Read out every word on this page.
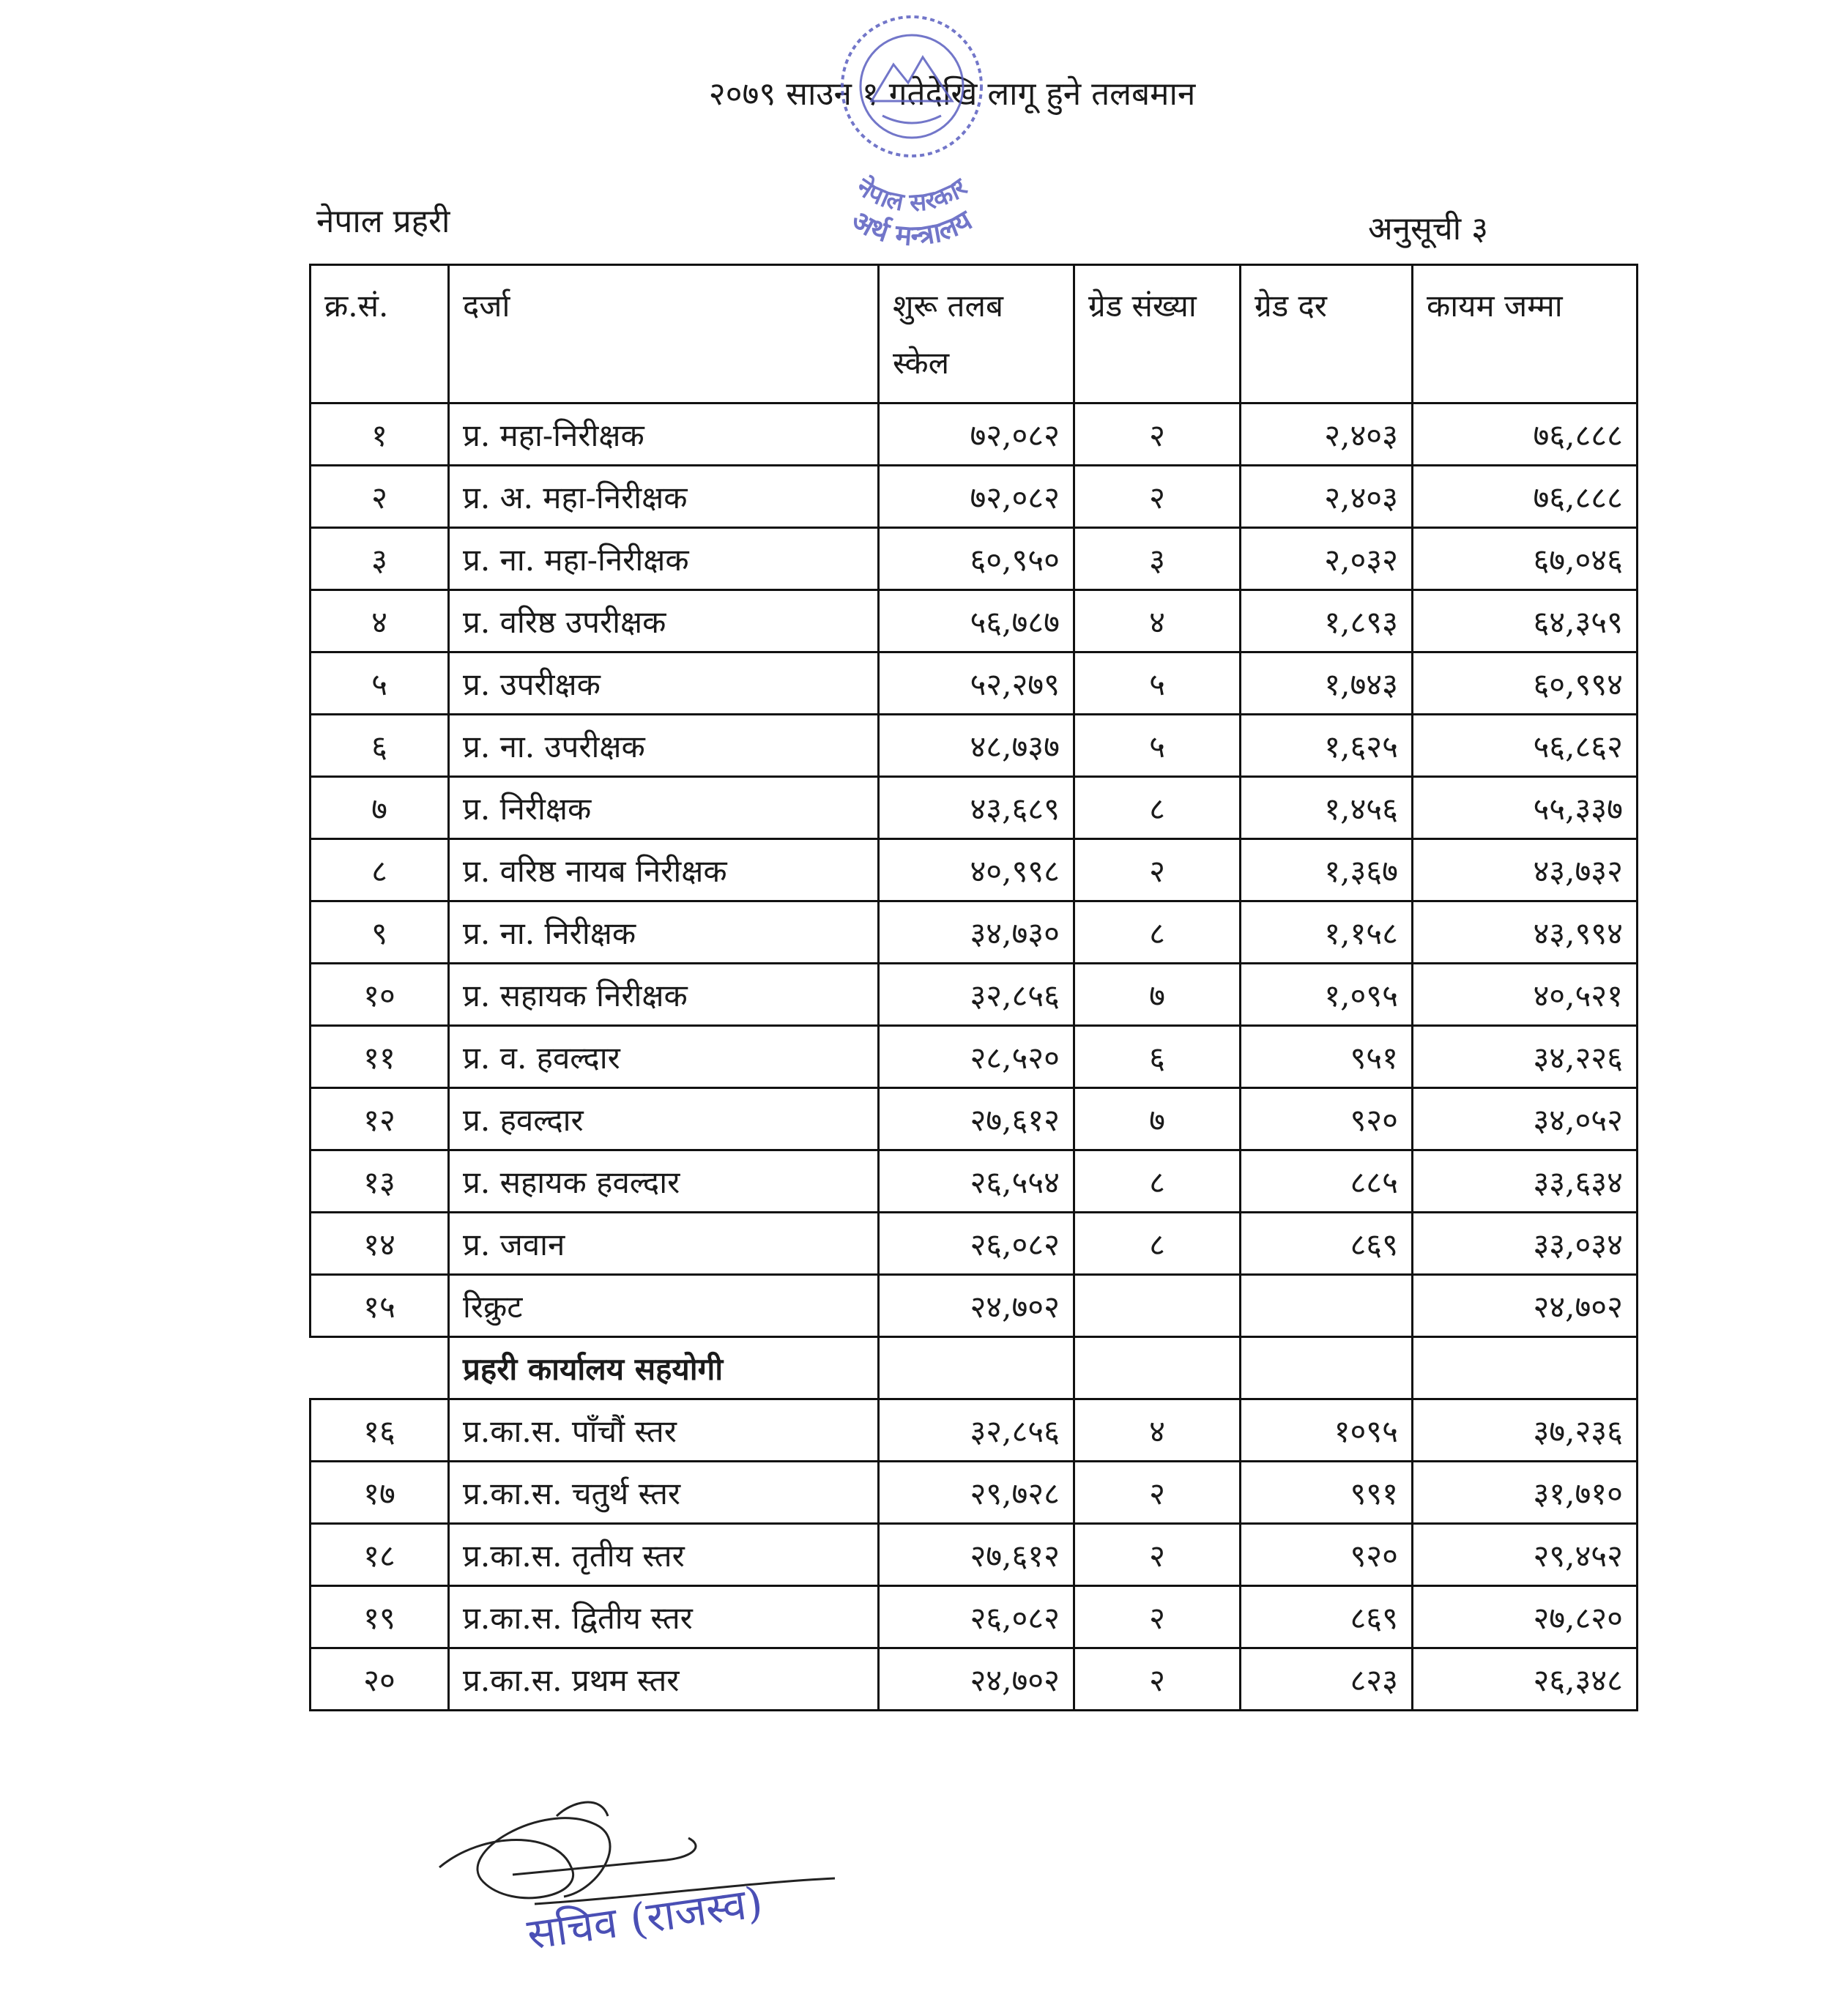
नेपाल सरकार
अर्थ मन्त्रालय
२०७९ साउन १ गतेदेखि लागू हुने तलबमान
नेपाल प्रहरी	अनुसूची ३
क्र.सं.	दर्जा	शुरू तलब स्केल	ग्रेड संख्या	ग्रेड दर	कायम जम्मा
१	प्र. महा-निरीक्षक	७२,०८२	२	२,४०३	७६,८८८
२	प्र. अ. महा-निरीक्षक	७२,०८२	२	२,४०३	७६,८८८
३	प्र. ना. महा-निरीक्षक	६०,९५०	३	२,०३२	६७,०४६
४	प्र. वरिष्ठ उपरीक्षक	५६,७८७	४	१,८९३	६४,३५९
५	प्र. उपरीक्षक	५२,२७९	५	१,७४३	६०,९९४
६	प्र. ना. उपरीक्षक	४८,७३७	५	१,६२५	५६,८६२
७	प्र. निरीक्षक	४३,६८९	८	१,४५६	५५,३३७
८	प्र. वरिष्ठ नायब निरीक्षक	४०,९९८	२	१,३६७	४३,७३२
९	प्र. ना. निरीक्षक	३४,७३०	८	१,१५८	४३,९९४
१०	प्र. सहायक निरीक्षक	३२,८५६	७	१,०९५	४०,५२१
११	प्र. व. हवल्दार	२८,५२०	६	९५१	३४,२२६
१२	प्र. हवल्दार	२७,६१२	७	९२०	३४,०५२
१३	प्र. सहायक हवल्दार	२६,५५४	८	८८५	३३,६३४
१४	प्र. जवान	२६,०८२	८	८६९	३३,०३४
१५	रिक्रुट	२४,७०२			२४,७०२
	प्रहरी कार्यालय सहयोगी				
१६	प्र.का.स. पाँचौं स्तर	३२,८५६	४	१०९५	३७,२३६
१७	प्र.का.स. चतुर्थ स्तर	२९,७२८	२	९९१	३१,७१०
१८	प्र.का.स. तृतीय स्तर	२७,६१२	२	९२०	२९,४५२
१९	प्र.का.स. द्वितीय स्तर	२६,०८२	२	८६९	२७,८२०
२०	प्र.का.स. प्रथम स्तर	२४,७०२	२	८२३	२६,३४८
सचिव (राजस्व)
